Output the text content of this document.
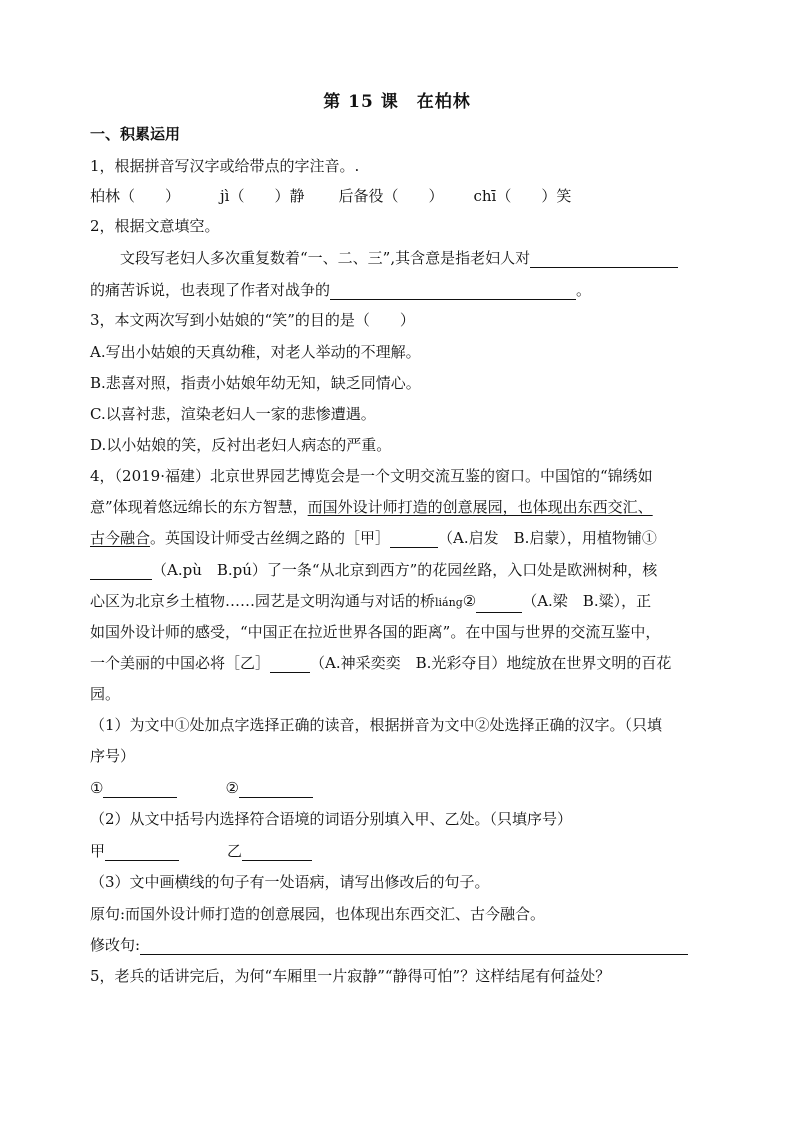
第 15 课　在柏林
一、积累运用
1，根据拼音写汉字或给带点的字注音。.
柏林（　　）	jì（　　）静 后备役（　　） chī（　　）笑
2，根据文意填空。
文段写老妇人多次重复数着“一、二、三”,其含意是指老妇人对
的痛苦诉说，也表现了作者对战争的	。
3，本文两次写到小姑娘的“笑”的目的是（　　）
A.写出小姑娘的天真幼稚，对老人举动的不理解。
B.悲喜对照，指责小姑娘年幼无知，缺乏同情心。
C.以喜衬悲，渲染老妇人一家的悲惨遭遇。
D.以小姑娘的笑，反衬出老妇人病态的严重。
4，（2019·福建）北京世界园艺博览会是一个文明交流互鉴的窗口。中国馆的“锦绣如
意”体现着悠远绵长的东方智慧，而国外设计师打造的创意展园，也体现出东西交汇、
古今融合。英国设计师受古丝绸之路的［甲］	（A.启发　B.启蒙），用植物铺①
（A.pù　B.pú）了一条“从北京到西方”的花园丝路，入口处是欧洲树种，核
心区为北京乡土植物……园艺是文明沟通与对话的桥liáng②	（A.梁　B.粱），正
如国外设计师的感受，“中国正在拉近世界各国的距离”。在中国与世界的交流互鉴中，
一个美丽的中国必将［乙］	（A.神采奕奕　B.光彩夺目）地绽放在世界文明的百花
园。
（1）为文中①处加点字选择正确的读音，根据拼音为文中②处选择正确的汉字。（只填
序号）
①	②
（2）从文中括号内选择符合语境的词语分别填入甲、乙处。（只填序号）
甲	乙
（3）文中画横线的句子有一处语病，请写出修改后的句子。
原句:而国外设计师打造的创意展园，也体现出东西交汇、古今融合。
修改句:
5，老兵的话讲完后，为何“车厢里一片寂静”“静得可怕”？这样结尾有何益处？
